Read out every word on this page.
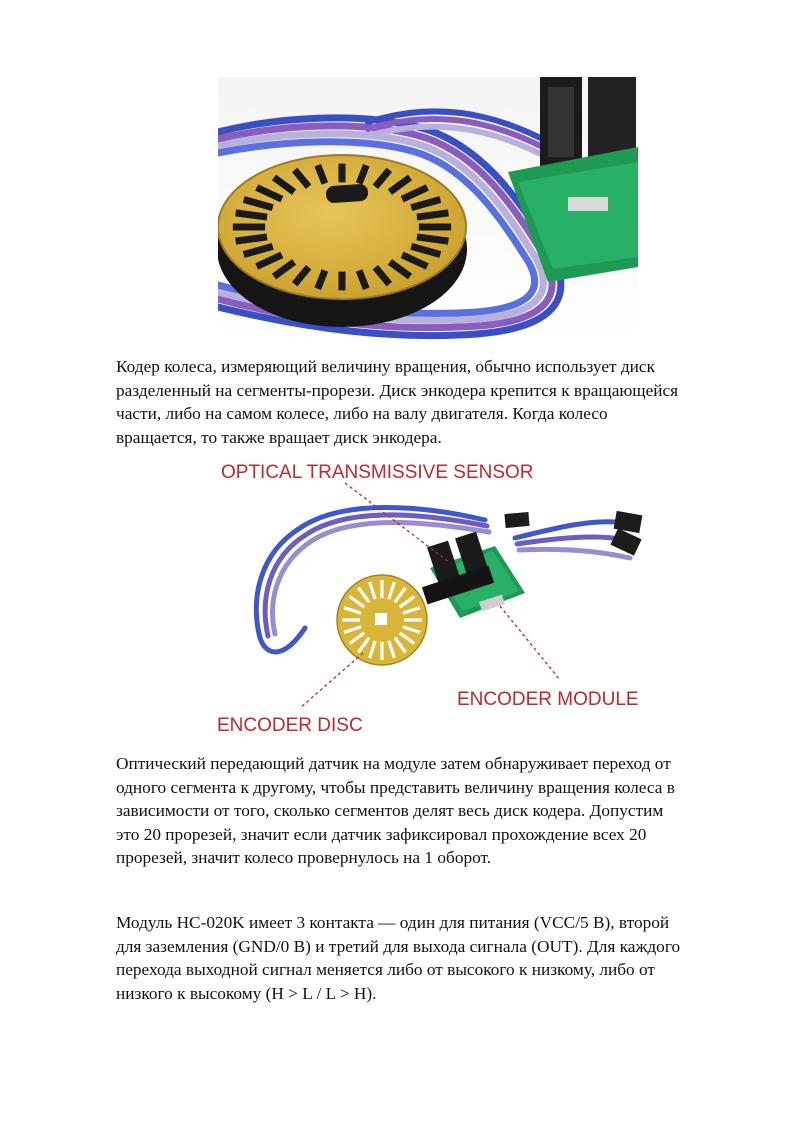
Кодер колеса, измеряющий величину вращения, обычно использует диск
разделенный на сегменты-прорези. Диск энкодера крепится к вращающейся
части, либо на самом колесе, либо на валу двигателя. Когда колесо
вращается, то также вращает диск энкодера.

OPTICAL TRANSMISSIVE SENSOR
ENCODER MODULE
ENCODER DISC

Оптический передающий датчик на модуле затем обнаруживает переход от
одного сегмента к другому, чтобы представить величину вращения колеса в
зависимости от того, сколько сегментов делят весь диск кодера. Допустим
это 20 прорезей, значит если датчик зафиксировал прохождение всех 20
прорезей, значит колесо провернулось на 1 оборот.

Модуль HC-020K имеет 3 контакта — один для питания (VCC/5 В), второй
для заземления (GND/0 В) и третий для выхода сигнала (OUT). Для каждого
перехода выходной сигнал меняется либо от высокого к низкому, либо от
низкого к высокому (H > L / L > H).
